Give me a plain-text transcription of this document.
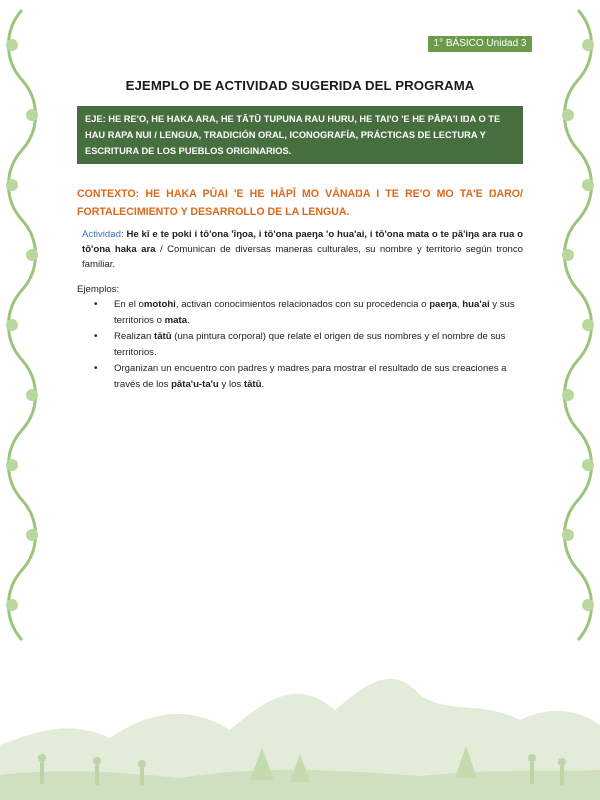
1° BÁSICO Unidad 3
EJEMPLO DE ACTIVIDAD SUGERIDA DEL PROGRAMA
EJE: HE RE'O, HE HAKA ARA, HE TĀTŪ TUPUNA RAU HURU, HE TAI'O 'E HE PĀPA'I IŊA O TE HAU RAPA NUI / LENGUA, TRADICIÓN ORAL, ICONOGRAFÍA, PRÁCTICAS DE LECTURA Y ESCRITURA DE LOS PUEBLOS ORIGINARIOS.
CONTEXTO: HE HAKA PŪAI 'E HE HĀPĪ MO VĀNAŊA I TE RE'O MO TA'E ŊARO/ FORTALECIMIENTO Y DESARROLLO DE LA LENGUA.
Actividad: He kī e te poki i tō'ona 'īŋoa, i tō'ona paeŋa 'o hua'ai, i tō'ona mata o te pā'iŋa ara rua o tō'ona haka ara / Comunican de diversas maneras culturales, su nombre y territorio según tronco familiar.
Ejemplos:
• En el omotohi, activan conocimientos relacionados con su procedencia o paeŋa, hua'ai y sus territorios o mata.
• Realizan tātū (una pintura corporal) que relate el origen de sus nombres y el nombre de sus territorios.
• Organizan un encuentro con padres y madres para mostrar el resultado de sus creaciones a través de los pāta'u-ta'u y los tātū.
